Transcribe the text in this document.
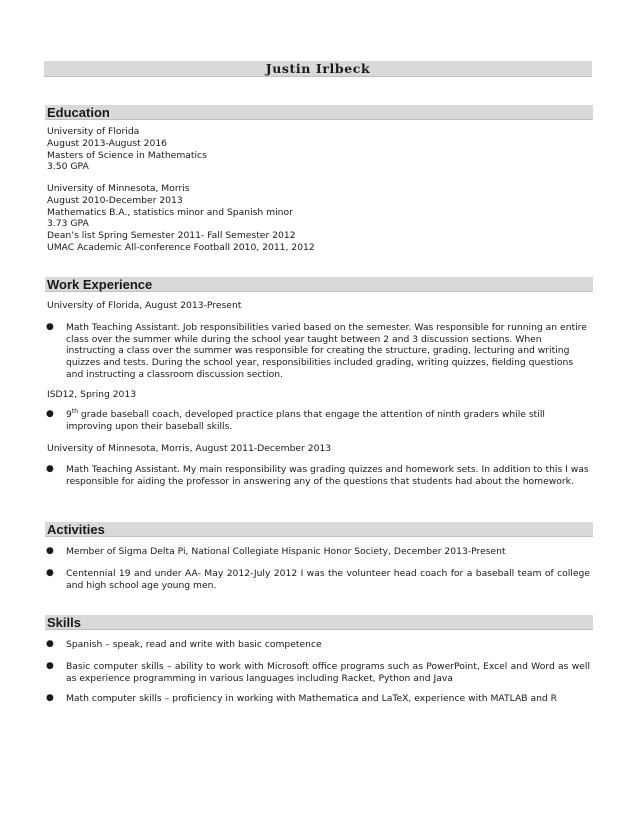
Justin Irlbeck
Education
University of Florida
August 2013-August 2016
Masters of Science in Mathematics
3.50 GPA
University of Minnesota, Morris
August 2010-December 2013
Mathematics B.A., statistics minor and Spanish minor
3.73 GPA
Dean’s list Spring Semester 2011- Fall Semester 2012
UMAC Academic All-conference Football 2010, 2011, 2012
Work Experience
University of Florida, August 2013-Present
● Math Teaching Assistant. Job responsibilities varied based on the semester. Was responsible for running an entire class over the summer while during the school year taught between 2 and 3 discussion sections. When instructing a class over the summer was responsible for creating the structure, grading, lecturing and writing quizzes and tests. During the school year, responsibilities included grading, writing quizzes, fielding questions and instructing a classroom discussion section.
ISD12, Spring 2013
● 9th grade baseball coach, developed practice plans that engage the attention of ninth graders while still improving upon their baseball skills.
University of Minnesota, Morris, August 2011-December 2013
● Math Teaching Assistant. My main responsibility was grading quizzes and homework sets. In addition to this I was responsible for aiding the professor in answering any of the questions that students had about the homework.
Activities
● Member of Sigma Delta Pi, National Collegiate Hispanic Honor Society, December 2013-Present
● Centennial 19 and under AA- May 2012-July 2012 I was the volunteer head coach for a baseball team of college and high school age young men.
Skills
● Spanish – speak, read and write with basic competence
● Basic computer skills – ability to work with Microsoft office programs such as PowerPoint, Excel and Word as well as experience programming in various languages including Racket, Python and Java
● Math computer skills – proficiency in working with Mathematica and LaTeX, experience with MATLAB and R
